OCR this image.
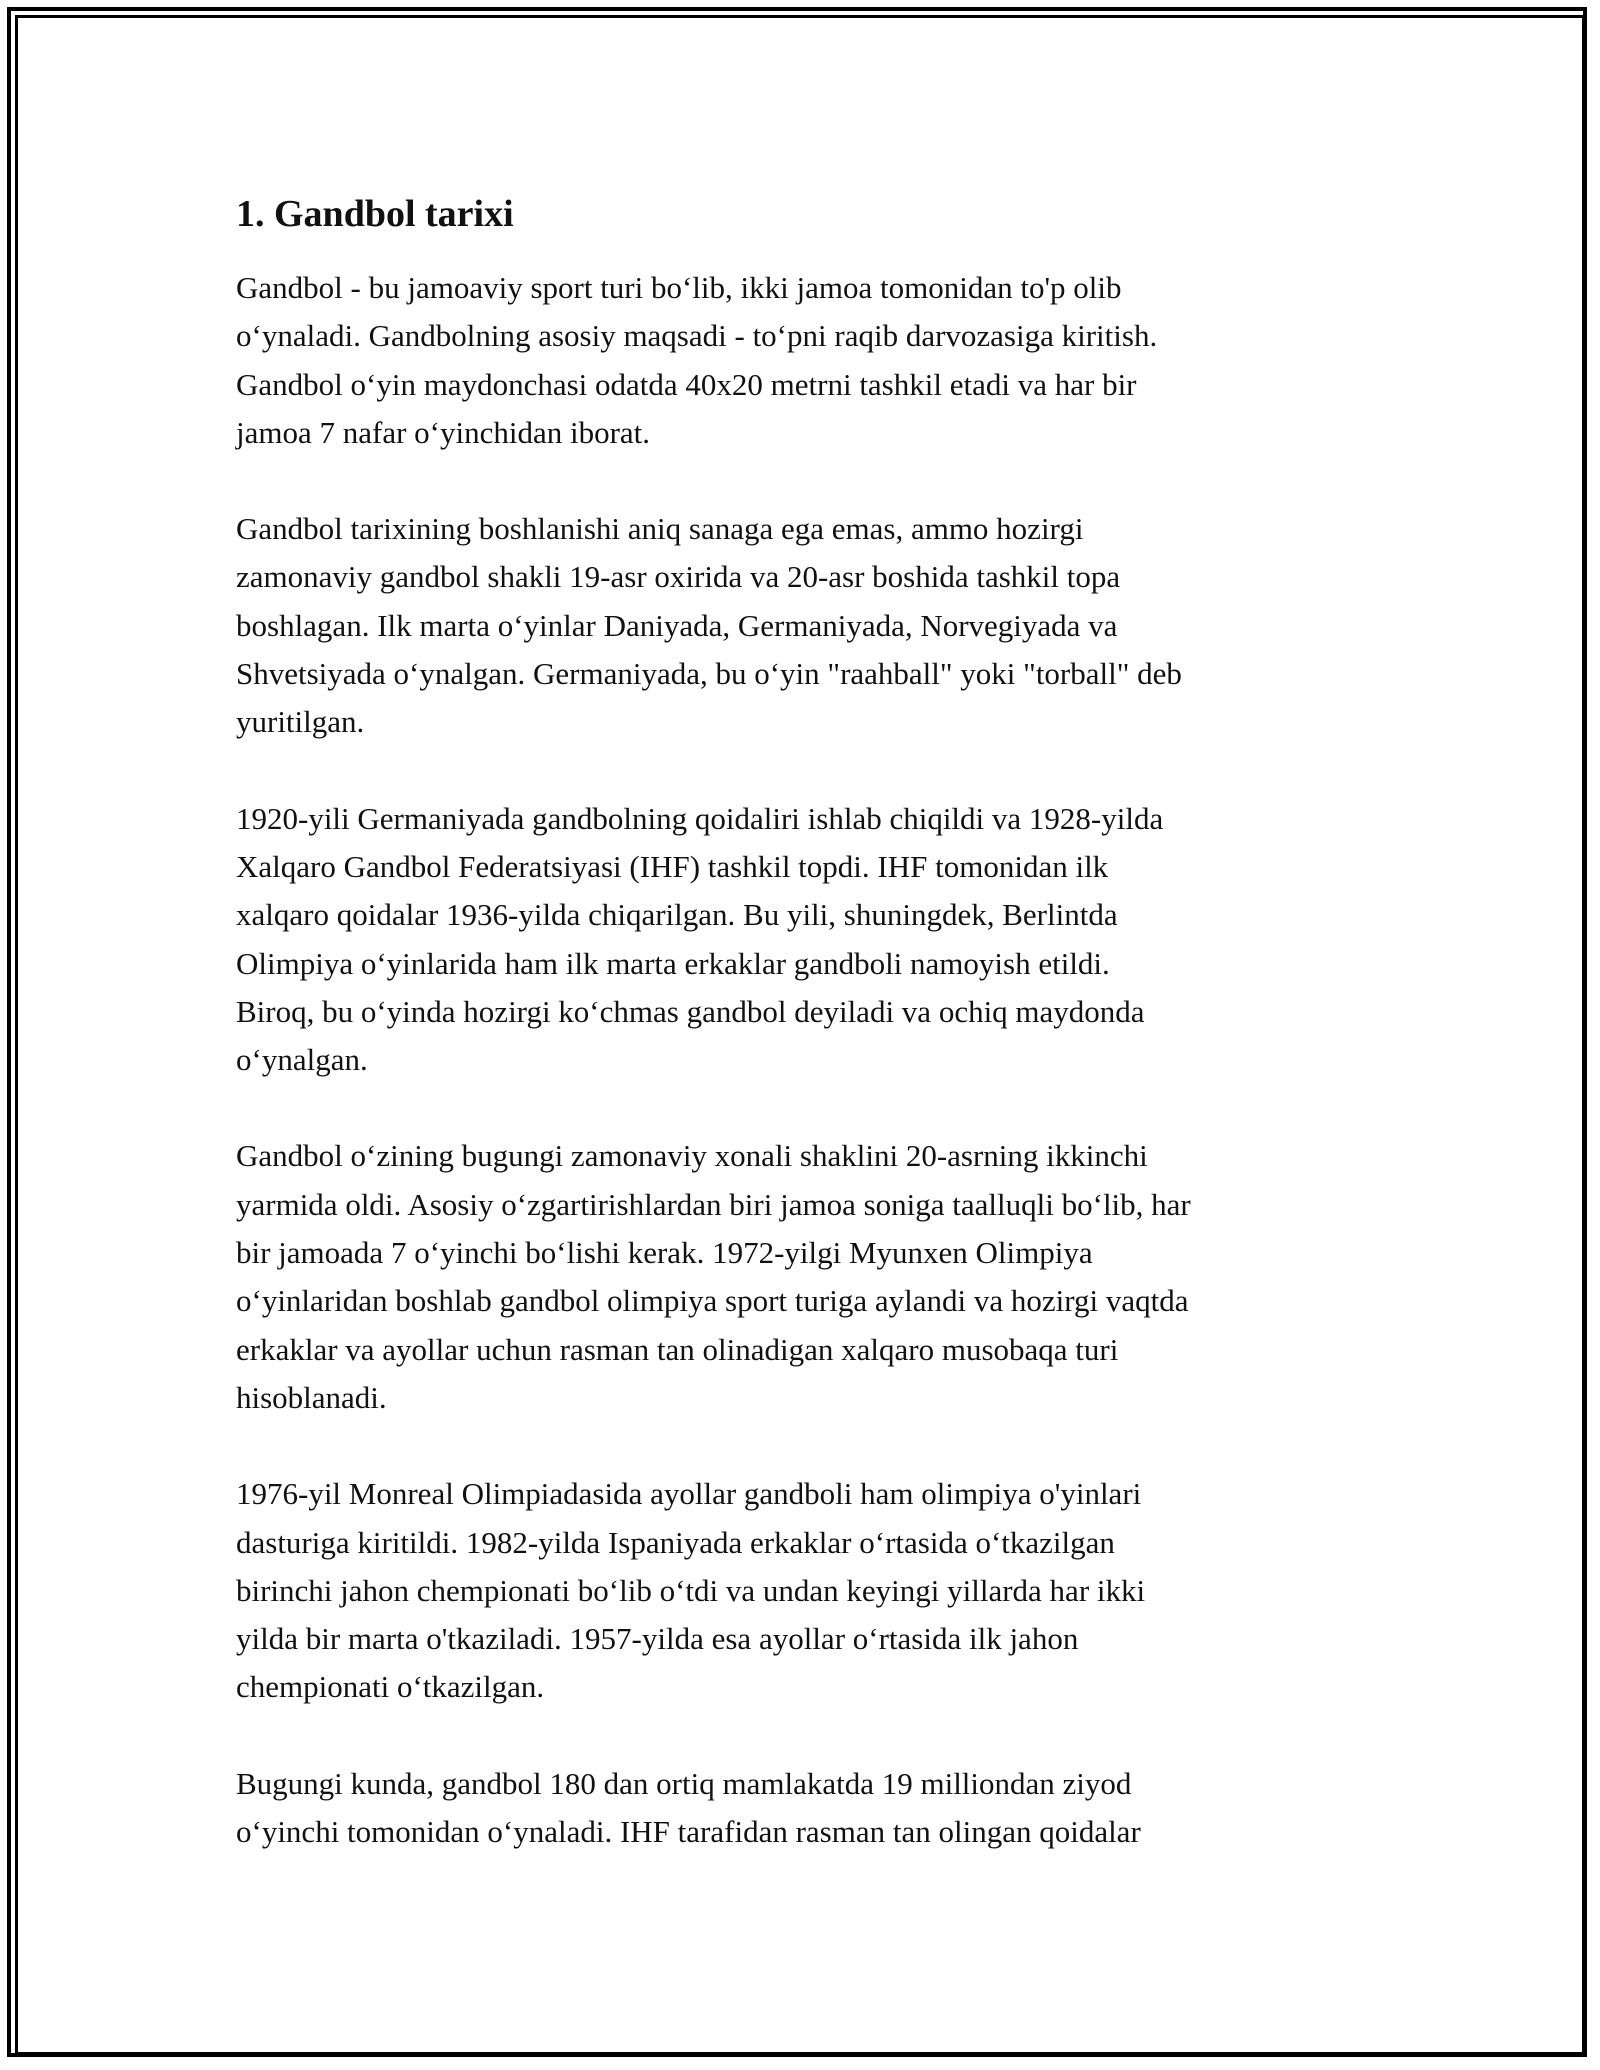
1. Gandbol tarixi

Gandbol - bu jamoaviy sport turi bo‘lib, ikki jamoa tomonidan to'p olib
o‘ynaladi. Gandbolning asosiy maqsadi - to‘pni raqib darvozasiga kiritish.
Gandbol o‘yin maydonchasi odatda 40x20 metrni tashkil etadi va har bir
jamoa 7 nafar o‘yinchidan iborat.

Gandbol tarixining boshlanishi aniq sanaga ega emas, ammo hozirgi
zamonaviy gandbol shakli 19-asr oxirida va 20-asr boshida tashkil topa
boshlagan. Ilk marta o‘yinlar Daniyada, Germaniyada, Norvegiyada va
Shvetsiyada o‘ynalgan. Germaniyada, bu o‘yin "raahball" yoki "torball" deb
yuritilgan.

1920-yili Germaniyada gandbolning qoidaliri ishlab chiqildi va 1928-yilda
Xalqaro Gandbol Federatsiyasi (IHF) tashkil topdi. IHF tomonidan ilk
xalqaro qoidalar 1936-yilda chiqarilgan. Bu yili, shuningdek, Berlintda
Olimpiya o‘yinlarida ham ilk marta erkaklar gandboli namoyish etildi.
Biroq, bu o‘yinda hozirgi ko‘chmas gandbol deyiladi va ochiq maydonda
o‘ynalgan.

Gandbol o‘zining bugungi zamonaviy xonali shaklini 20-asrning ikkinchi
yarmida oldi. Asosiy o‘zgartirishlardan biri jamoa soniga taalluqli bo‘lib, har
bir jamoada 7 o‘yinchi bo‘lishi kerak. 1972-yilgi Myunxen Olimpiya
o‘yinlaridan boshlab gandbol olimpiya sport turiga aylandi va hozirgi vaqtda
erkaklar va ayollar uchun rasman tan olinadigan xalqaro musobaqa turi
hisoblanadi.

1976-yil Monreal Olimpiadasida ayollar gandboli ham olimpiya o'yinlari
dasturiga kiritildi. 1982-yilda Ispaniyada erkaklar o‘rtasida o‘tkazilgan
birinchi jahon chempionati bo‘lib o‘tdi va undan keyingi yillarda har ikki
yilda bir marta o'tkaziladi. 1957-yilda esa ayollar o‘rtasida ilk jahon
chempionati o‘tkazilgan.

Bugungi kunda, gandbol 180 dan ortiq mamlakatda 19 milliondan ziyod
o‘yinchi tomonidan o‘ynaladi. IHF tarafidan rasman tan olingan qoidalar
